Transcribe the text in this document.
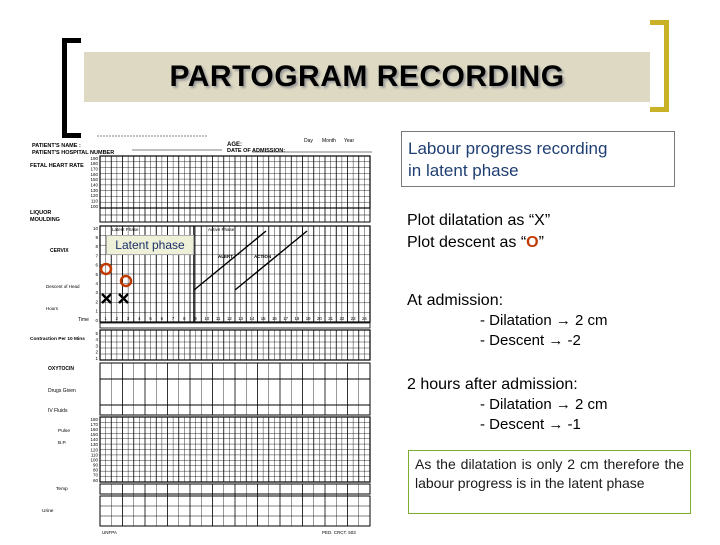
PARTOGRAM RECORDING
PATIENT'S NAME :
PATIENT'S HOSPITAL NUMBER
AGE:
DATE OF ADMISSION:
Day Month Year
FETAL HEART RATE
190
180
170
160
150
140
130
120
110
100
LIQUOR
MOULDING
Latent Phase	Active Phase
ALERT	ACTION
CERVIX
Descent of Head
Hours
10
9
8
7
6
5
4
3
2
1
0
Time	1 2 3 4 5 6 7 8 9 10 11 12 13 14 15 16 17 18 19 20 21 22 23 24
Contraction Per 10 Mins
5
4
3
2
1
OXYTOCIN
Drugs Given
IV Fluids
180
170
160
150
140
130
120
110
100
90
80
70
60
Pulse
B.P.
Temp
Urine
UNFPA	PED. CRCT. 503
Latent phase
Labour progress recording
in latent phase
Plot dilatation as “X”
Plot descent as “O”
At admission:
- Dilatation → 2 cm
- Descent → -2
2 hours after admission:
- Dilatation → 2 cm
- Descent → -1
As the dilatation is only 2 cm therefore the labour progress is in the latent phase
